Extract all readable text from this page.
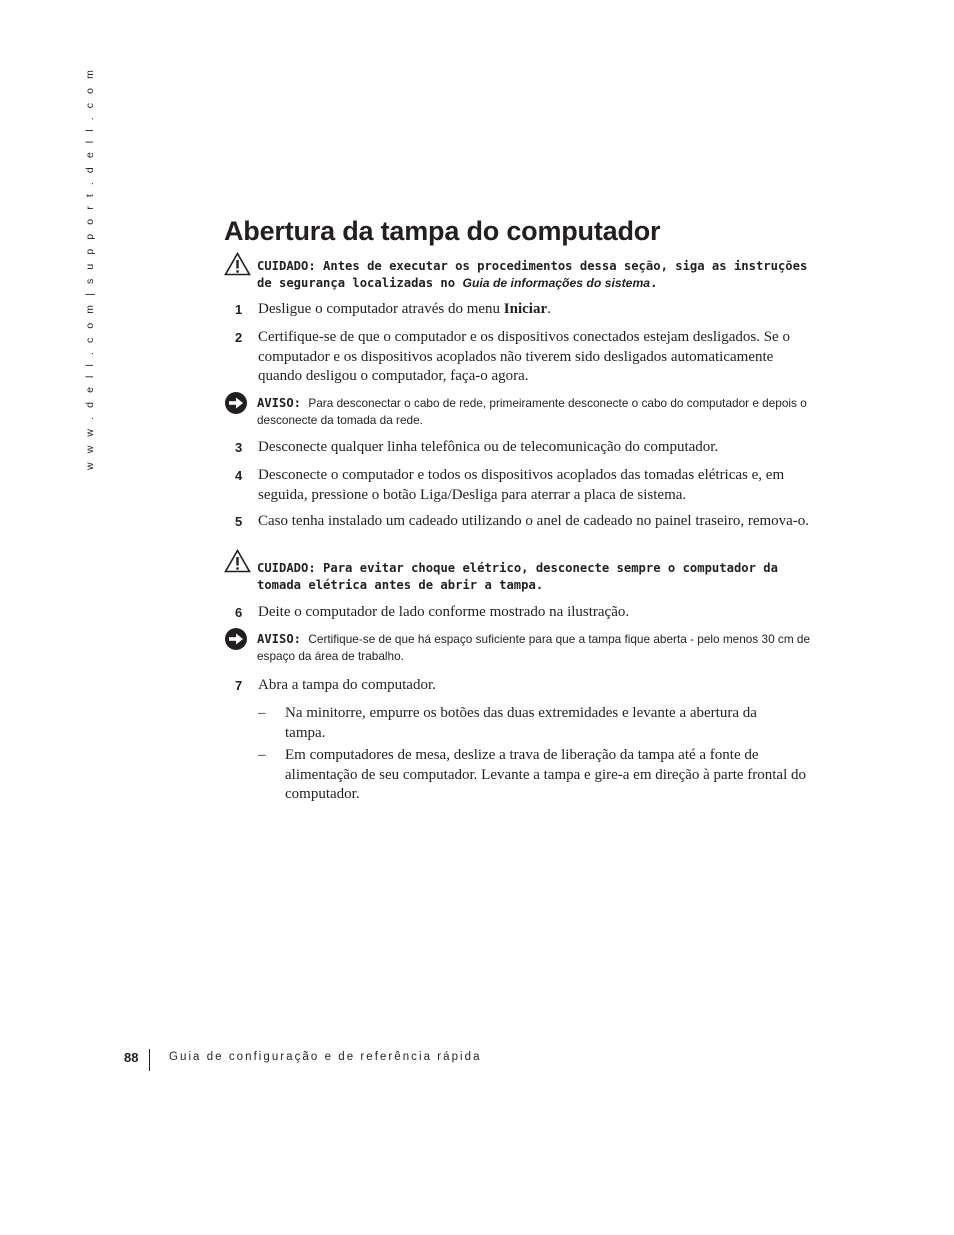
w w w . d e l l . c o m | s u p p o r t . d e l l . c o m	Abertura da tampa do computador
CUIDADO: Antes de executar os procedimentos dessa seção, siga as instruções de segurança localizadas no Guia de informações do sistema.
1 Desligue o computador através do menu Iniciar.
2 Certifique-se de que o computador e os dispositivos conectados estejam desligados. Se o computador e os dispositivos acoplados não tiverem sido desligados automaticamente quando desligou o computador, faça-o agora.
AVISO: Para desconectar o cabo de rede, primeiramente desconecte o cabo do computador e depois o desconecte da tomada da rede.
3 Desconecte qualquer linha telefônica ou de telecomunicação do computador.
4 Desconecte o computador e todos os dispositivos acoplados das tomadas elétricas e, em seguida, pressione o botão Liga/Desliga para aterrar a placa de sistema.
5 Caso tenha instalado um cadeado utilizando o anel de cadeado no painel traseiro, remova-o.
CUIDADO: Para evitar choque elétrico, desconecte sempre o computador da tomada elétrica antes de abrir a tampa.
6 Deite o computador de lado conforme mostrado na ilustração.
AVISO: Certifique-se de que há espaço suficiente para que a tampa fique aberta - pelo menos 30 cm de espaço da área de trabalho.
7 Abra a tampa do computador.
– Na minitorre, empurre os botões das duas extremidades e levante a abertura da tampa.
– Em computadores de mesa, deslize a trava de liberação da tampa até a fonte de alimentação de seu computador. Levante a tampa e gire-a em direção à parte frontal do computador.
88	Guia de configuração e de referência rápida
